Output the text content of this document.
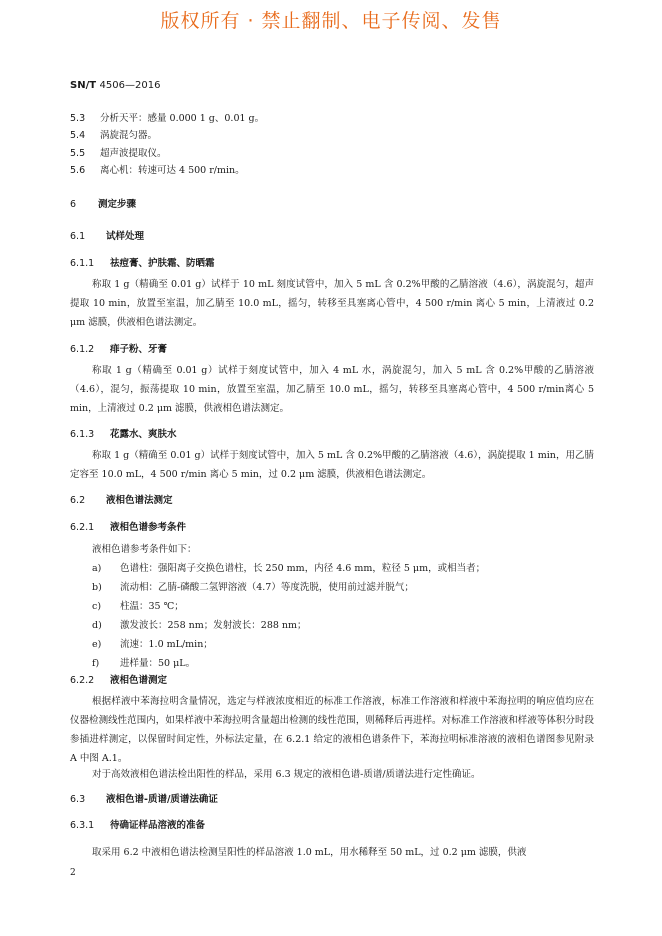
版权所有 · 禁止翻制、电子传阅、发售
SN/T 4506—2016
5.3 分析天平：感量 0.000 1 g、0.01 g。
5.4 涡旋混匀器。
5.5 超声波提取仪。
5.6 离心机：转速可达 4 500 r/min。
6 测定步骤
6.1 试样处理
6.1.1 祛痘膏、护肤霜、防晒霜
称取 1 g（精确至 0.01 g）试样于 10 mL 刻度试管中，加入 5 mL 含 0.2%甲酸的乙腈溶液（4.6），涡旋混匀，超声提取 10 min，放置至室温，加乙腈至 10.0 mL，摇匀，转移至具塞离心管中，4 500 r/min 离心 5 min，上清液过 0.2 μm 滤膜，供液相色谱法测定。
6.1.2 痱子粉、牙膏
称取 1 g（精确至 0.01 g）试样于刻度试管中，加入 4 mL 水，涡旋混匀，加入 5 mL 含 0.2%甲酸的乙腈溶液（4.6），混匀，振荡提取 10 min，放置至室温，加乙腈至 10.0 mL，摇匀，转移至具塞离心管中，4 500 r/min离心 5 min，上清液过 0.2 μm 滤膜，供液相色谱法测定。
6.1.3 花露水、爽肤水
称取 1 g（精确至 0.01 g）试样于刻度试管中，加入 5 mL 含 0.2%甲酸的乙腈溶液（4.6），涡旋提取 1 min，用乙腈定容至 10.0 mL，4 500 r/min 离心 5 min，过 0.2 μm 滤膜，供液相色谱法测定。
6.2 液相色谱法测定
6.2.1 液相色谱参考条件
液相色谱参考条件如下：
a) 色谱柱：强阳离子交换色谱柱，长 250 mm，内径 4.6 mm，粒径 5 μm，或相当者；
b) 流动相：乙腈-磷酸二氢钾溶液（4.7）等度洗脱，使用前过滤并脱气；
c) 柱温：35 ℃；
d) 激发波长：258 nm；发射波长：288 nm；
e) 流速：1.0 mL/min；
f) 进样量：50 μL。
6.2.2 液相色谱测定
根据样液中苯海拉明含量情况，选定与样液浓度相近的标准工作溶液，标准工作溶液和样液中苯海拉明的响应值均应在仪器检测线性范围内，如果样液中苯海拉明含量超出检测的线性范围，则稀释后再进样。对标准工作溶液和样液等体积分时段参插进样测定，以保留时间定性，外标法定量，在 6.2.1 给定的液相色谱条件下，苯海拉明标准溶液的液相色谱图参见附录 A 中图 A.1。
对于高效液相色谱法检出阳性的样品，采用 6.3 规定的液相色谱-质谱/质谱法进行定性确证。
6.3 液相色谱-质谱/质谱法确证
6.3.1 待确证样品溶液的准备
取采用 6.2 中液相色谱法检测呈阳性的样品溶液 1.0 mL，用水稀释至 50 mL，过 0.2 μm 滤膜，供液
2
